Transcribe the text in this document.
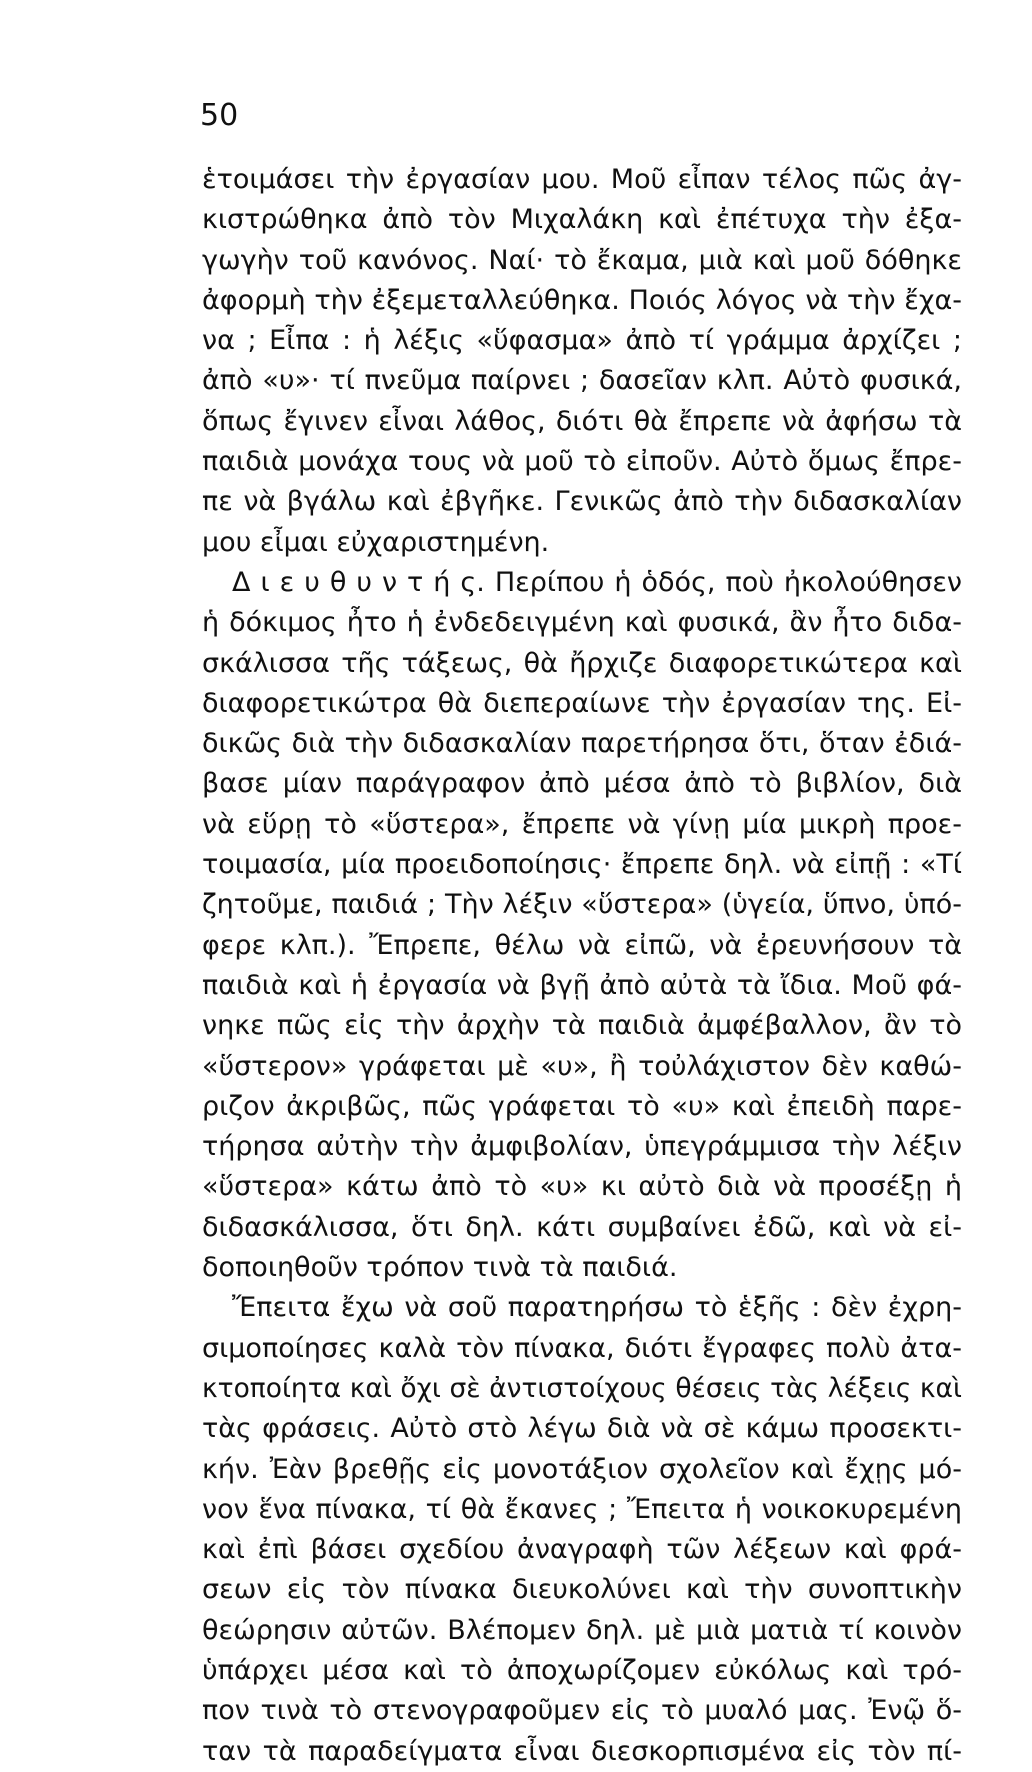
50
ἑτοιμάσει τὴν ἐργασίαν μου. Μοῦ εἶπαν τέλος πῶς ἀγ-
κιστρώθηκα ἀπὸ τὸν Μιχαλάκη καὶ ἐπέτυχα τὴν ἐξα-
γωγὴν τοῦ κανόνος. Ναί· τὸ ἔκαμα, μιὰ καὶ μοῦ δόθηκε
ἀφορμὴ τὴν ἐξεμεταλλεύθηκα. Ποιός λόγος νὰ τὴν ἔχα-
να ; Εἶπα : ἡ λέξις «ὕφασμα» ἀπὸ τί γράμμα ἀρχίζει ;
ἀπὸ «υ»· τί πνεῦμα παίρνει ; δασεῖαν κλπ. Αὐτὸ φυσικά,
ὅπως ἔγινεν εἶναι λάθος, διότι θὰ ἔπρεπε νὰ ἀφήσω τὰ
παιδιὰ μονάχα τους νὰ μοῦ τὸ εἰποῦν. Αὐτὸ ὅμως ἔπρε-
πε νὰ βγάλω καὶ ἐβγῆκε. Γενικῶς ἀπὸ τὴν διδασκαλίαν
μου εἶμαι εὐχαριστημένη.
Δ ι ε υ θ υ ν τ ή ς. Περίπου ἡ ὁδός, ποὺ ἠκολούθησεν
ἡ δόκιμος ἦτο ἡ ἐνδεδειγμένη καὶ φυσικά, ἂν ἦτο διδα-
σκάλισσα τῆς τάξεως, θὰ ἤρχιζε διαφορετικώτερα καὶ
διαφορετικώτρα θὰ διεπεραίωνε τὴν ἐργασίαν της. Εἰ-
δικῶς διὰ τὴν διδασκαλίαν παρετήρησα ὅτι, ὅταν ἐδιά-
βασε μίαν παράγραφον ἀπὸ μέσα ἀπὸ τὸ βιβλίον, διὰ
νὰ εὕρῃ τὸ «ὕστερα», ἔπρεπε νὰ γίνῃ μία μικρὴ προε-
τοιμασία, μία προειδοποίησις· ἔπρεπε δηλ. νὰ εἰπῇ : «Τί
ζητοῦμε, παιδιά ; Τὴν λέξιν «ὕστερα» (ὑγεία, ὕπνο, ὑπό-
φερε κλπ.). Ἔπρεπε, θέλω νὰ εἰπῶ, νὰ ἐρευνήσουν τὰ
παιδιὰ καὶ ἡ ἐργασία νὰ βγῇ ἀπὸ αὐτὰ τὰ ἴδια. Μοῦ φά-
νηκε πῶς εἰς τὴν ἀρχὴν τὰ παιδιὰ ἀμφέβαλλον, ἂν τὸ
«ὕστερον» γράφεται μὲ «υ», ἢ τοὐλάχιστον δὲν καθώ-
ριζον ἀκριβῶς, πῶς γράφεται τὸ «υ» καὶ ἐπειδὴ παρε-
τήρησα αὐτὴν τὴν ἀμφιβολίαν, ὑπεγράμμισα τὴν λέξιν
«ὕστερα» κάτω ἀπὸ τὸ «υ» κι αὐτὸ διὰ νὰ προσέξῃ ἡ
διδασκάλισσα, ὅτι δηλ. κάτι συμβαίνει ἐδῶ, καὶ νὰ εἰ-
δοποιηθοῦν τρόπον τινὰ τὰ παιδιά.
Ἔπειτα ἔχω νὰ σοῦ παρατηρήσω τὸ ἑξῆς : δὲν ἐχρη-
σιμοποίησες καλὰ τὸν πίνακα, διότι ἔγραφες πολὺ ἀτα-
κτοποίητα καὶ ὄχι σὲ ἀντιστοίχους θέσεις τὰς λέξεις καὶ
τὰς φράσεις. Αὐτὸ στὸ λέγω διὰ νὰ σὲ κάμω προσεκτι-
κήν. Ἐὰν βρεθῇς εἰς μονοτάξιον σχολεῖον καὶ ἔχῃς μό-
νον ἕνα πίνακα, τί θὰ ἔκανες ; Ἔπειτα ἡ νοικοκυρεμένη
καὶ ἐπὶ βάσει σχεδίου ἀναγραφὴ τῶν λέξεων καὶ φρά-
σεων εἰς τὸν πίνακα διευκολύνει καὶ τὴν συνοπτικὴν
θεώρησιν αὐτῶν. Βλέπομεν δηλ. μὲ μιὰ ματιὰ τί κοινὸν
ὑπάρχει μέσα καὶ τὸ ἀποχωρίζομεν εὐκόλως καὶ τρό-
πον τινὰ τὸ στενογραφοῦμεν εἰς τὸ μυαλό μας. Ἐνῷ ὅ-
ταν τὰ παραδείγματα εἶναι διεσκορπισμένα εἰς τὸν πί-
